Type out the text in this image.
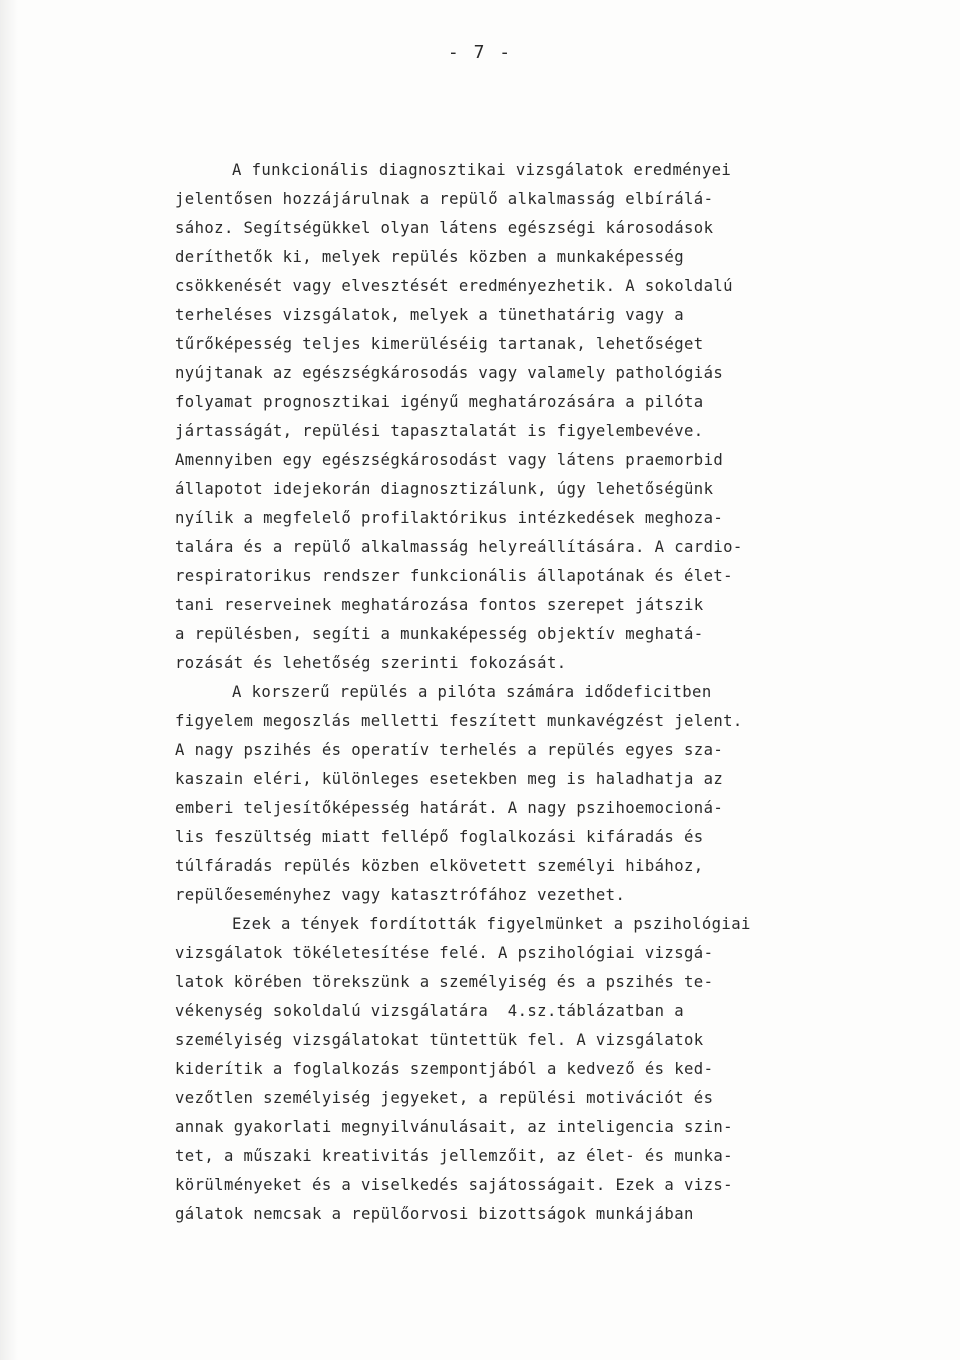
- 7 -
A funkcionális diagnosztikai vizsgálatok eredményei
jelentősen hozzájárulnak a repülő alkalmasság elbírálá-
sához. Segítségükkel olyan látens egészségi károsodások
deríthetők ki, melyek repülés közben a munkaképesség
csökkenését vagy elvesztését eredményezhetik. A sokoldalú
terheléses vizsgálatok, melyek a tünethatárig vagy a
tűrőképesség teljes kimerüléséig tartanak, lehetőséget
nyújtanak az egészségkárosodás vagy valamely pathológiás
folyamat prognosztikai igényű meghatározására a pilóta
jártasságát, repülési tapasztalatát is figyelembevéve.
Amennyiben egy egészségkárosodást vagy látens praemorbid
állapotot idejekorán diagnosztizálunk, úgy lehetőségünk
nyílik a megfelelő profilaktórikus intézkedések meghoza-
talára és a repülő alkalmasság helyreállítására. A cardio-
respiratorikus rendszer funkcionális állapotának és élet-
tani reserveinek meghatározása fontos szerepet játszik
a repülésben, segíti a munkaképesség objektív meghatá-
rozását és lehetőség szerinti fokozását.
A korszerű repülés a pilóta számára idődeficitben
figyelem megoszlás melletti feszített munkavégzést jelent.
A nagy pszihés és operatív terhelés a repülés egyes sza-
kaszain eléri, különleges esetekben meg is haladhatja az
emberi teljesítőképesség határát. A nagy pszihoemocioná-
lis feszültség miatt fellépő foglalkozási kifáradás és
túlfáradás repülés közben elkövetett személyi hibához,
repülőeseményhez vagy katasztrófához vezethet.
Ezek a tények fordították figyelmünket a pszihológiai
vizsgálatok tökéletesítése felé. A pszihológiai vizsgá-
latok körében törekszünk a személyiség és a pszihés te-
vékenység sokoldalú vizsgálatára  4.sz.táblázatban a
személyiség vizsgálatokat tüntettük fel. A vizsgálatok
kiderítik a foglalkozás szempontjából a kedvező és ked-
vezőtlen személyiség jegyeket, a repülési motivációt és
annak gyakorlati megnyilvánulásait, az inteligencia szin-
tet, a műszaki kreativitás jellemzőit, az élet- és munka-
körülményeket és a viselkedés sajátosságait. Ezek a vizs-
gálatok nemcsak a repülőorvosi bizottságok munkájában
